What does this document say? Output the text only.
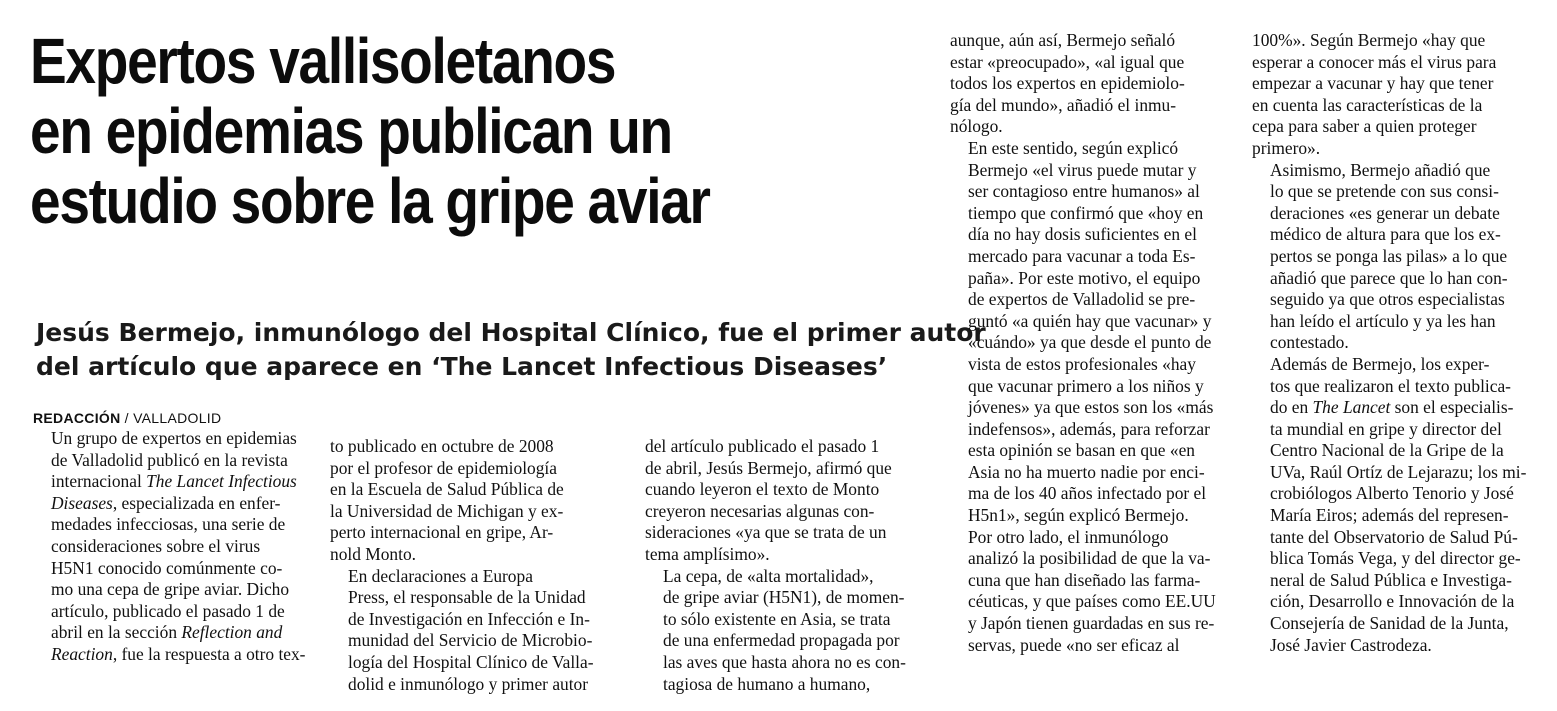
Expertos vallisoletanos
en epidemias publican un
estudio sobre la gripe aviar
Jesús Bermejo, inmunólogo del Hospital Clínico, fue el primer autor
del artículo que aparece en ‘The Lancet Infectious Diseases’
REDACCIÓN / VALLADOLID

Un grupo de expertos en epidemias
de Valladolid publicó en la revista
internacional The Lancet Infectious
Diseases, especializada en enfer-
medades infecciosas, una serie de
consideraciones sobre el virus
H5N1 conocido comúnmente co-
mo una cepa de gripe aviar. Dicho
artículo, publicado el pasado 1 de
abril en la sección Reflection and
Reaction, fue la respuesta a otro tex-

to publicado en octubre de 2008
por el profesor de epidemiología
en la Escuela de Salud Pública de
la Universidad de Michigan y ex-
perto internacional en gripe, Ar-
nold Monto.

En declaraciones a Europa
Press, el responsable de la Unidad
de Investigación en Infección e In-
munidad del Servicio de Microbio-
logía del Hospital Clínico de Valla-
dolid e inmunólogo y primer autor

del artículo publicado el pasado 1
de abril, Jesús Bermejo, afirmó que
cuando leyeron el texto de Monto
creyeron necesarias algunas con-
sideraciones «ya que se trata de un
tema amplísimo».

La cepa, de «alta mortalidad»,
de gripe aviar (H5N1), de momen-
to sólo existente en Asia, se trata
de una enfermedad propagada por
las aves que hasta ahora no es con-
tagiosa de humano a humano,

aunque, aún así, Bermejo señaló
estar «preocupado», «al igual que
todos los expertos en epidemiolo-
gía del mundo», añadió el inmu-
nólogo.

En este sentido, según explicó
Bermejo «el virus puede mutar y
ser contagioso entre humanos» al
tiempo que confirmó que «hoy en
día no hay dosis suficientes en el
mercado para vacunar a toda Es-
paña». Por este motivo, el equipo
de expertos de Valladolid se pre-
guntó «a quién hay que vacunar» y
«cuándo» ya que desde el punto de
vista de estos profesionales «hay
que vacunar primero a los niños y
jóvenes» ya que estos son los «más
indefensos», además, para reforzar
esta opinión se basan en que «en
Asia no ha muerto nadie por enci-
ma de los 40 años infectado por el
H5n1», según explicó Bermejo.

Por otro lado, el inmunólogo
analizó la posibilidad de que la va-
cuna que han diseñado las farma-
céuticas, y que países como EE.UU
y Japón tienen guardadas en sus re-
servas, puede «no ser eficaz al

100%». Según Bermejo «hay que
esperar a conocer más el virus para
empezar a vacunar y hay que tener
en cuenta las características de la
cepa para saber a quien proteger
primero».

Asimismo, Bermejo añadió que
lo que se pretende con sus consi-
deraciones «es generar un debate
médico de altura para que los ex-
pertos se ponga las pilas» a lo que
añadió que parece que lo han con-
seguido ya que otros especialistas
han leído el artículo y ya les han
contestado.

Además de Bermejo, los exper-
tos que realizaron el texto publica-
do en The Lancet son el especialis-
ta mundial en gripe y director del
Centro Nacional de la Gripe de la
UVa, Raúl Ortíz de Lejarazu; los mi-
crobiólogos Alberto Tenorio y José
María Eiros; además del represen-
tante del Observatorio de Salud Pú-
blica Tomás Vega, y del director ge-
neral de Salud Pública e Investiga-
ción, Desarrollo e Innovación de la
Consejería de Sanidad de la Junta,
José Javier Castrodeza.
